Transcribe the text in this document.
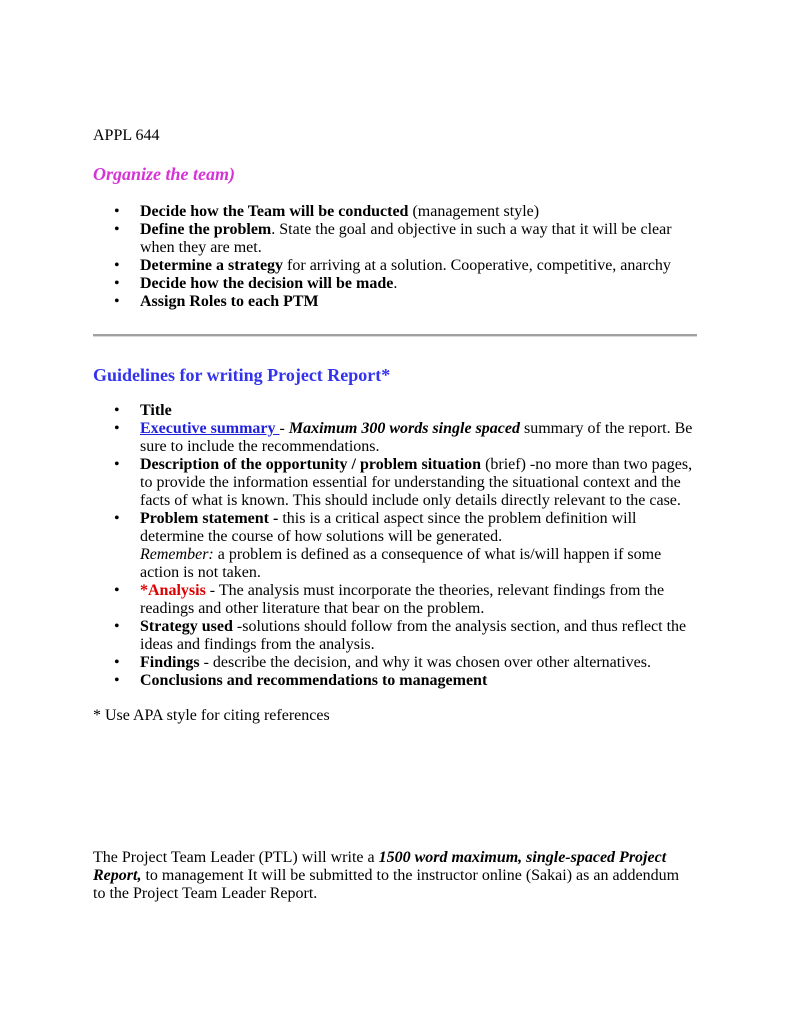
APPL 644
Organize the team)
• Decide how the Team will be conducted (management style)
• Define the problem. State the goal and objective in such a way that it will be clear when they are met.
• Determine a strategy for arriving at a solution. Cooperative, competitive, anarchy
• Decide how the decision will be made.
• Assign Roles to each PTM
Guidelines for writing Project Report*
• Title
• Executive summary - Maximum 300 words single spaced summary of the report. Be sure to include the recommendations.
• Description of the opportunity / problem situation (brief) -no more than two pages, to provide the information essential for understanding the situational context and the facts of what is known. This should include only details directly relevant to the case.
• Problem statement - this is a critical aspect since the problem definition will determine the course of how solutions will be generated.
Remember: a problem is defined as a consequence of what is/will happen if some action is not taken.
• *Analysis - The analysis must incorporate the theories, relevant findings from the readings and other literature that bear on the problem.
• Strategy used -solutions should follow from the analysis section, and thus reflect the ideas and findings from the analysis.
• Findings - describe the decision, and why it was chosen over other alternatives.
• Conclusions and recommendations to management
* Use APA style for citing references
The Project Team Leader (PTL) will write a 1500 word maximum, single-spaced Project Report, to management It will be submitted to the instructor online (Sakai) as an addendum to the Project Team Leader Report.
